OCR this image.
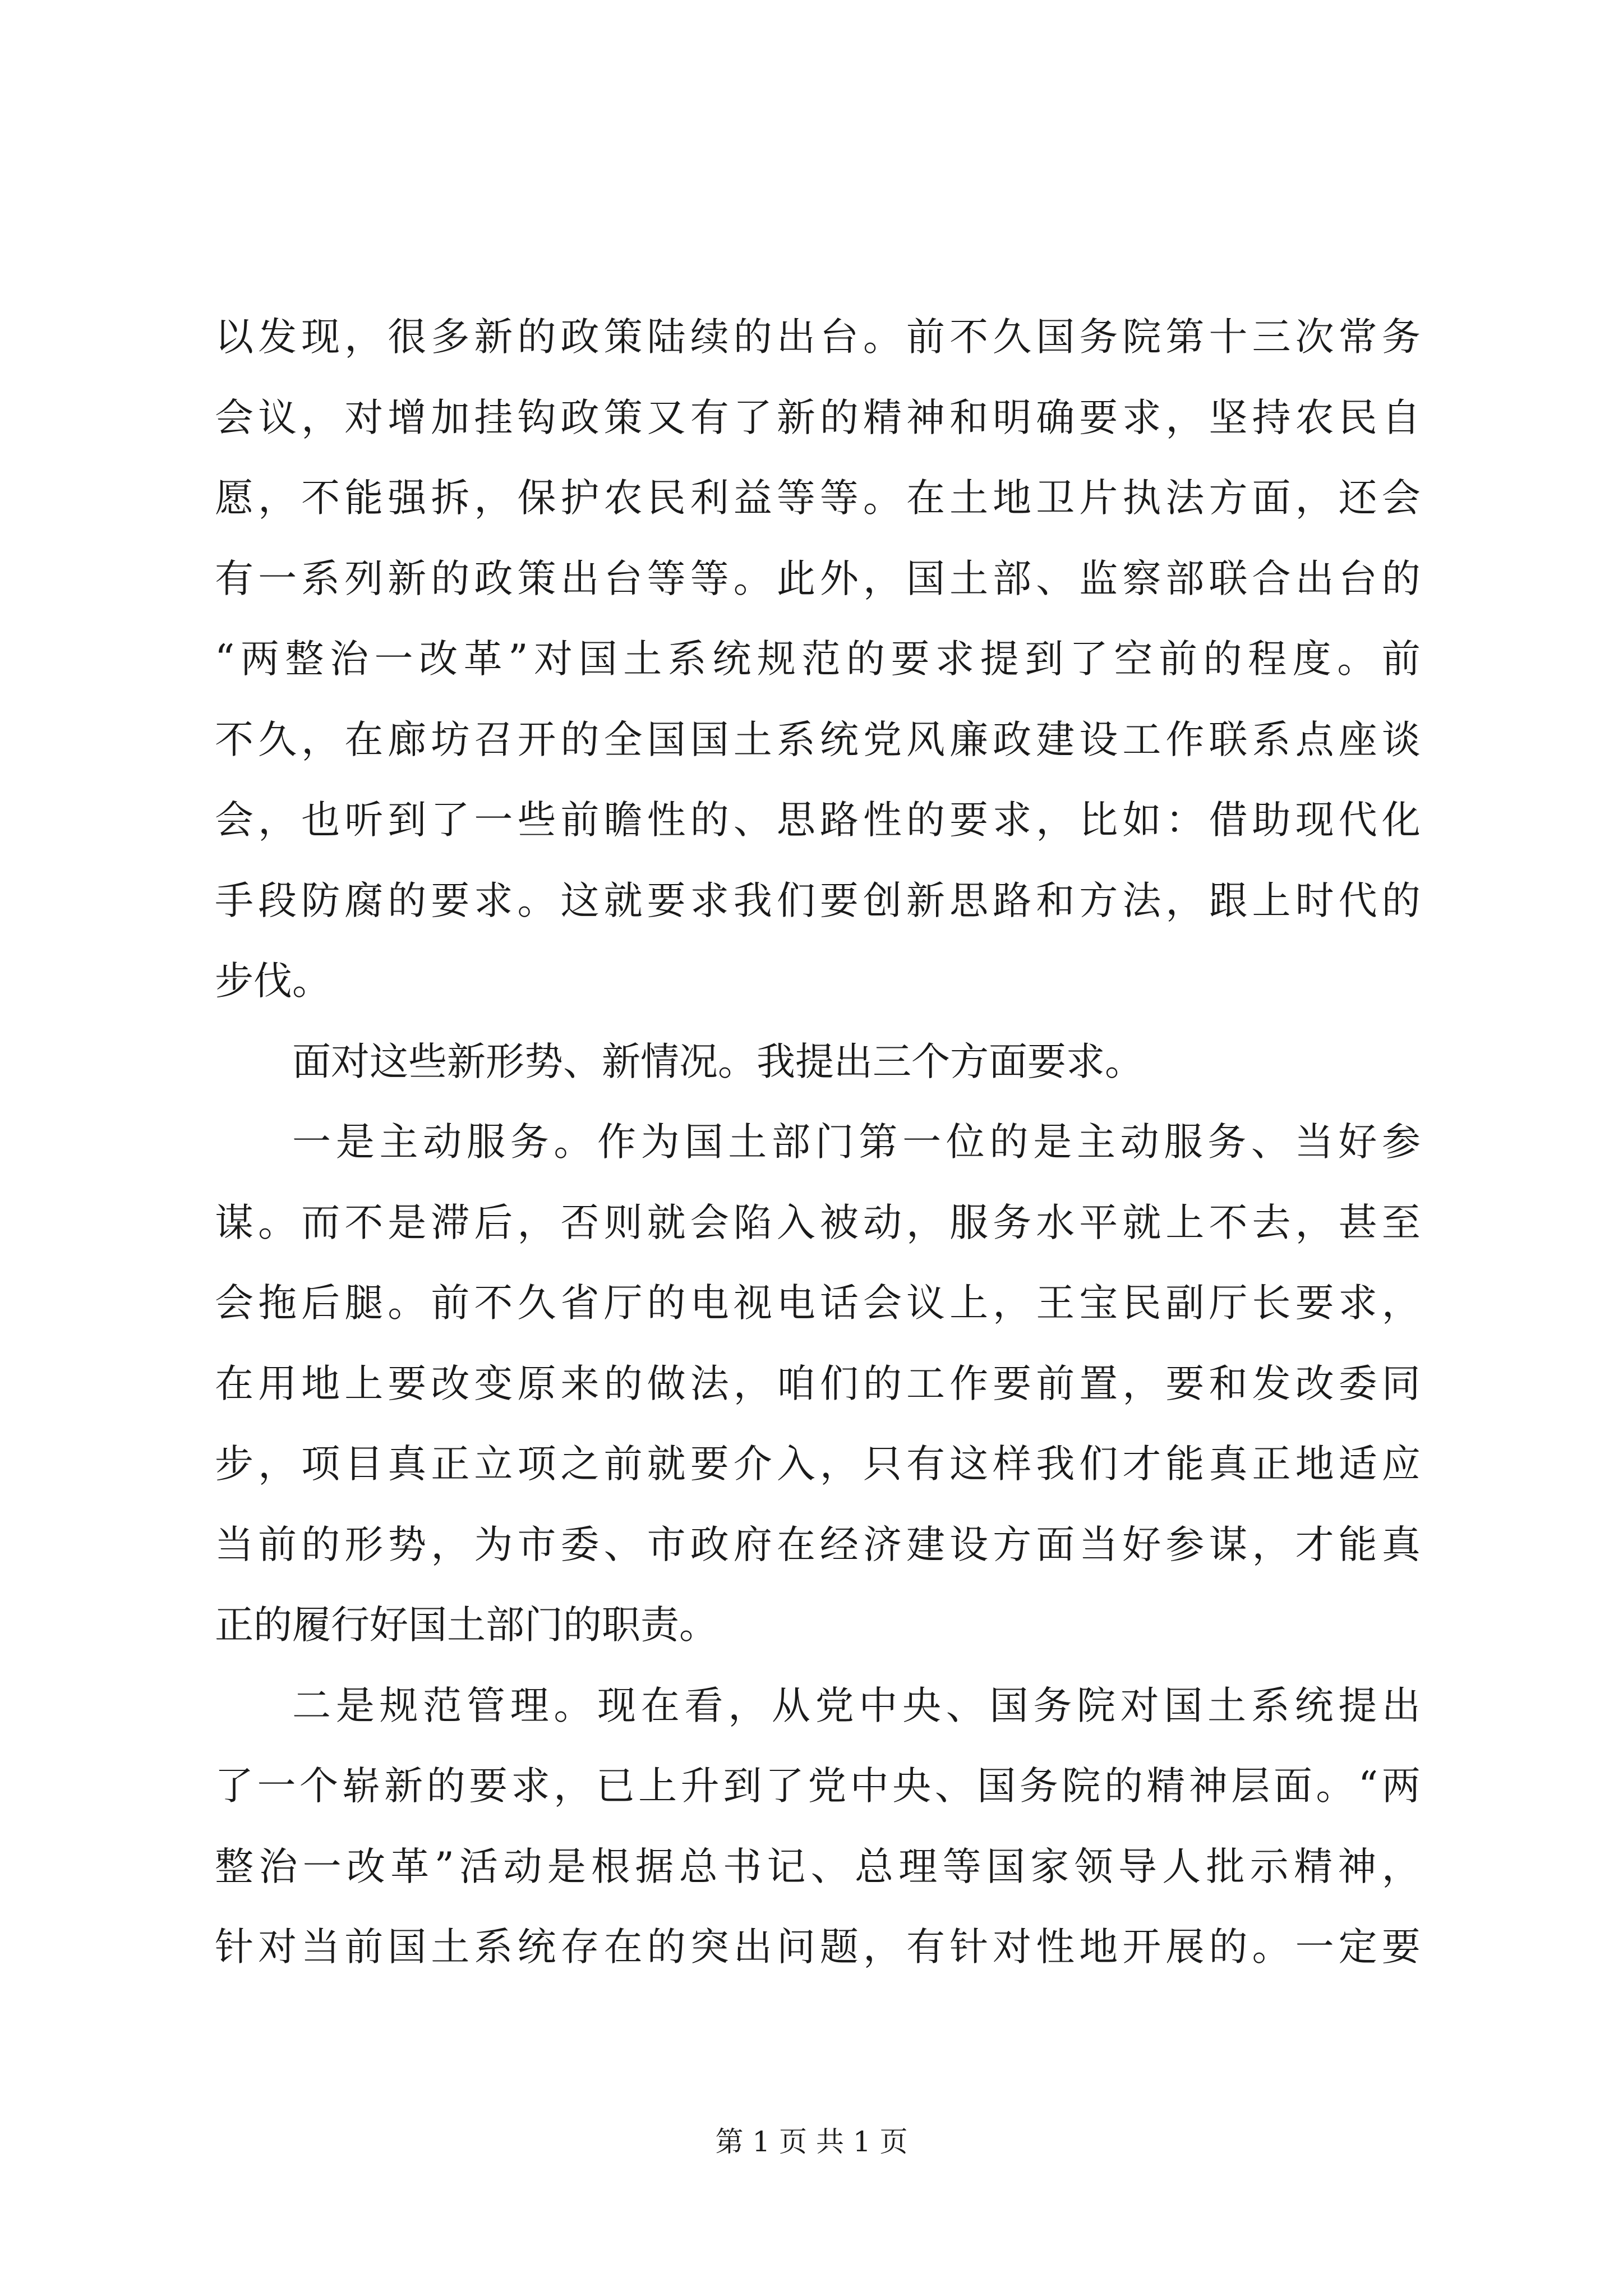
以 发 现 ， 很 多 新 的 政 策 陆 续 的 出 台 。 前 不 久 国 务 院 第 十 三 次 常 务
会 议 ， 对 增 加 挂 钩 政 策 又 有 了 新 的 精 神 和 明 确 要 求 ， 坚 持 农 民 自
愿 ， 不 能 强 拆 ， 保 护 农 民 利 益 等 等 。 在 土 地 卫 片 执 法 方 面 ， 还 会
有 一 系 列 新 的 政 策 出 台 等 等 。 此 外 ， 国 土 部 、 监 察 部 联 合 出 台 的
“ 两 整 治 一 改 革 ” 对 国 土 系 统 规 范 的 要 求 提 到 了 空 前 的 程 度 。 前
不 久 ， 在 廊 坊 召 开 的 全 国 国 土 系 统 党 风 廉 政 建 设 工 作 联 系 点 座 谈
会 ， 也 听 到 了 一 些 前 瞻 性 的 、 思 路 性 的 要 求 ， 比 如 ： 借 助 现 代 化
手 段 防 腐 的 要 求 。 这 就 要 求 我 们 要 创 新 思 路 和 方 法 ， 跟 上 时 代 的
步伐。
面对这些新形势、新情况。我提出三个方面要求。
一 是 主 动 服 务 。 作 为 国 土 部 门 第 一 位 的 是 主 动 服 务 、 当 好 参
谋 。 而 不 是 滞 后 ， 否 则 就 会 陷 入 被 动 ， 服 务 水 平 就 上 不 去 ， 甚 至
会 拖 后 腿 。 前 不 久 省 厅 的 电 视 电 话 会 议 上 ， 王 宝 民 副 厅 长 要 求 ，
在 用 地 上 要 改 变 原 来 的 做 法 ， 咱 们 的 工 作 要 前 置 ， 要 和 发 改 委 同
步 ， 项 目 真 正 立 项 之 前 就 要 介 入 ， 只 有 这 样 我 们 才 能 真 正 地 适 应
当 前 的 形 势 ， 为 市 委 、 市 政 府 在 经 济 建 设 方 面 当 好 参 谋 ， 才 能 真
正的履行好国土部门的职责。
二 是 规 范 管 理 。 现 在 看 ， 从 党 中 央 、 国 务 院 对 国 土 系 统 提 出
了 一 个 崭 新 的 要 求 ， 已 上 升 到 了 党 中 央 、 国 务 院 的 精 神 层 面 。 “ 两
整 治 一 改 革 ” 活 动 是 根 据 总 书 记 、 总 理 等 国 家 领 导 人 批 示 精 神 ，
针 对 当 前 国 土 系 统 存 在 的 突 出 问 题 ， 有 针 对 性 地 开 展 的 。 一 定 要
第 1 页 共 1 页
